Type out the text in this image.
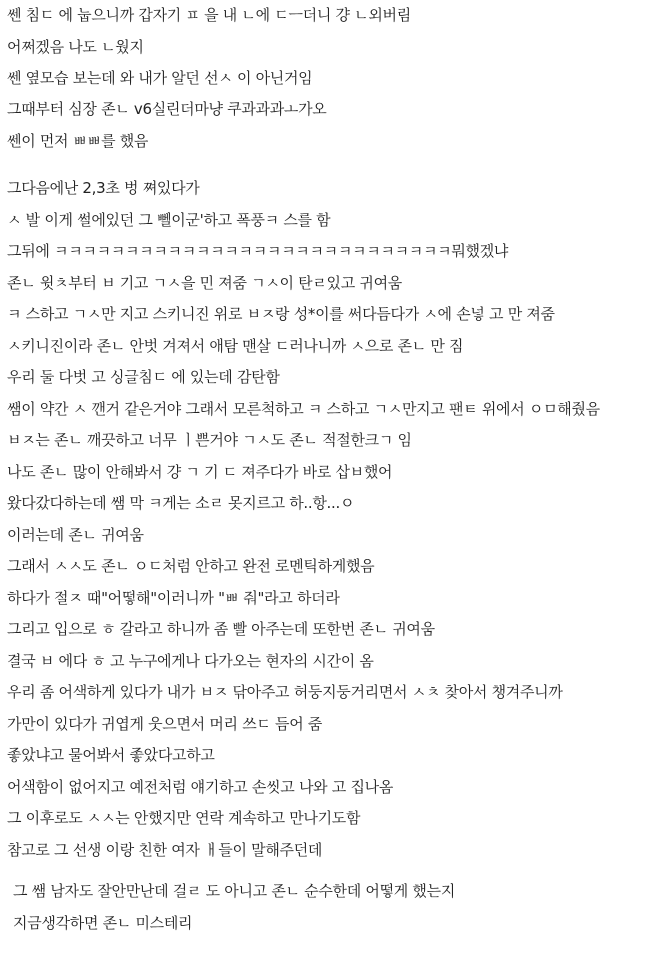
쎈 침ㄷ 에 눕으니까 갑자기 ㅍ 을 내 ㄴ에 ㄷㅡ더니 걍 ㄴ외버림
어쩌겠음 나도 ㄴ웠지
쎈 옆모습 보는데 와 내가 알던 선ㅅ 이 아닌거임
그때부터 심장 존ㄴ v6실린더마냥 쿠과과과ㅗ가오
쎈이 먼저 ㅃㅃ를 했음
그다음에난 2,3초 벙 쪄있다가
ㅅ 발 이게 썰에있던 그 뻴이군'하고 폭풍ㅋ 스를 함
그뒤에 ㅋㅋㅋㅋㅋㅋㅋㅋㅋㅋㅋㅋㅋㅋㅋㅋㅋㅋㅋㅋㅋㅋㅋㅋㅋㅋㅋㅋ뭐했겠냐
존ㄴ 윗ㅊ부터 ㅂ 기고 ㄱㅅ을 민 져줌 ㄱㅅ이 탄ㄹ있고 귀여움
ㅋ 스하고 ㄱㅅ만 지고 스키니진 위로 ㅂㅈ랑 성*이를 써다듬다가 ㅅ에 손넣 고 만 져줌
ㅅ키니진이라 존ㄴ 안벗 겨져서 애탐 맨살 ㄷ러나니까 ㅅ으로 존ㄴ 만 짐
우리 둘 다벗 고 싱글침ㄷ 에 있는데 감탄함
쌤이 약간 ㅅ 깬거 같은거야 그래서 모른척하고 ㅋ 스하고 ㄱㅅ만지고 팬ㅌ 위에서 ㅇㅁ해줬음
ㅂㅈ는 존ㄴ 깨끗하고 너무 ㅣ쁜거야 ㄱㅅ도 존ㄴ 적절한크ㄱ 임
나도 존ㄴ 많이 안해봐서 걍 ㄱ 기 ㄷ 져주다가 바로 삽ㅂ했어
왔다갔다하는데 쌤 막 ㅋ게는 소ㄹ 못지르고 하..항...ㅇ
이러는데 존ㄴ 귀여움
그래서 ㅅㅅ도 존ㄴ ㅇㄷ처럼 안하고 완전 로멘틱하게했음
하다가 절ㅈ 때"어떻해"이러니까 "ㅃ 줘"라고 하더라
그리고 입으로 ㅎ 갈라고 하니까 좀 빨 아주는데 또한번 존ㄴ 귀여움
결국 ㅂ 에다 ㅎ 고 누구에게나 다가오는 현자의 시간이 옴
우리 좀 어색하게 있다가 내가 ㅂㅈ 닦아주고 허둥지둥거리면서 ㅅㅊ 찾아서 챙겨주니까
가만이 있다가 귀엽게 웃으면서 머리 쓰ㄷ 듬어 줌
좋았냐고 물어봐서 좋았다고하고
어색함이 없어지고 예전처럼 얘기하고 손씻고 나와 고 집나옴
그 이후로도 ㅅㅅ는 안했지만 연락 계속하고 만나기도함
참고로 그 선생 이랑 친한 여자 ㅐ들이 말해주던데
그 쌤 남자도 잘안만난데 걸ㄹ 도 아니고 존ㄴ 순수한데 어떻게 했는지
지금생각하면 존ㄴ 미스테리
